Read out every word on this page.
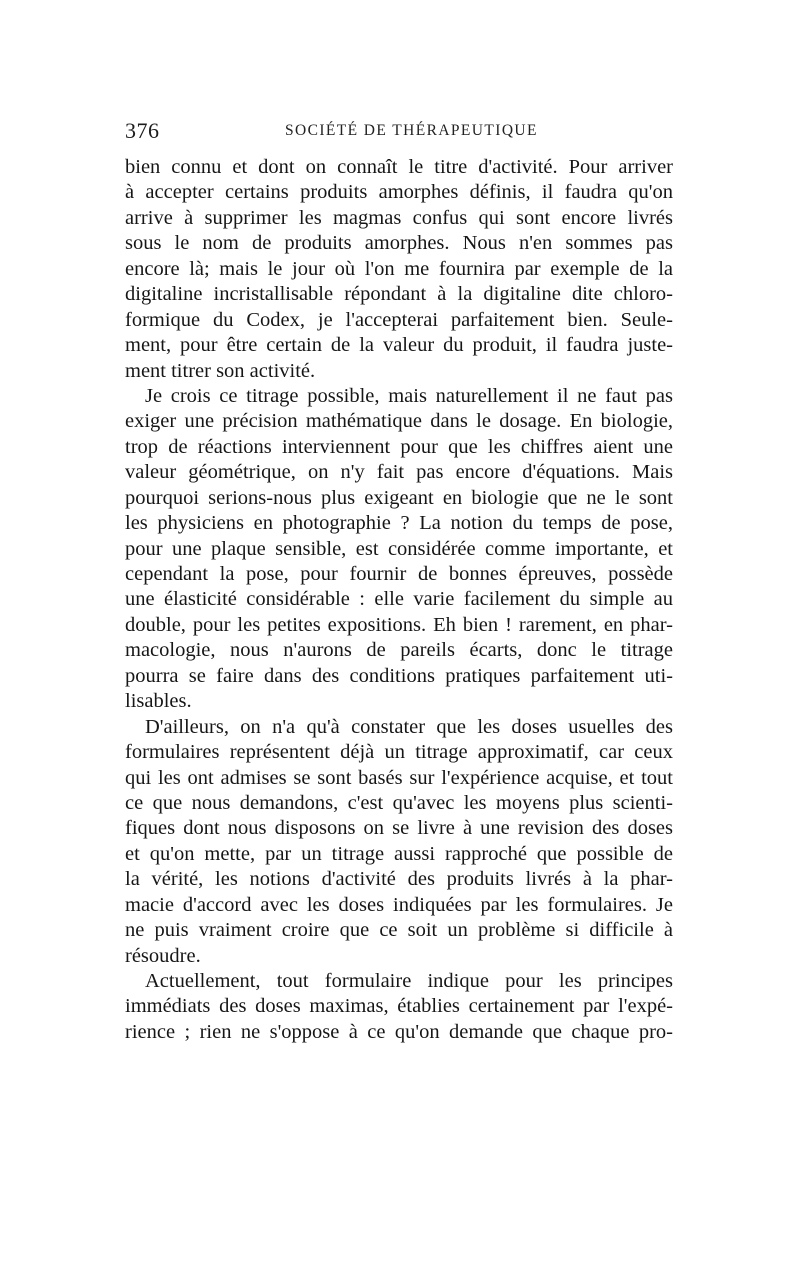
376	SOCIÉTÉ DE THÉRAPEUTIQUE
bien connu et dont on connaît le titre d'activité. Pour arriver
à accepter certains produits amorphes définis, il faudra qu'on
arrive à supprimer les magmas confus qui sont encore livrés
sous le nom de produits amorphes. Nous n'en sommes pas
encore là; mais le jour où l'on me fournira par exemple de la
digitaline incristallisable répondant à la digitaline dite chloro-
formique du Codex, je l'accepterai parfaitement bien. Seule-
ment, pour être certain de la valeur du produit, il faudra juste-
ment titrer son activité.
Je crois ce titrage possible, mais naturellement il ne faut pas
exiger une précision mathématique dans le dosage. En biologie,
trop de réactions interviennent pour que les chiffres aient une
valeur géométrique, on n'y fait pas encore d'équations. Mais
pourquoi serions-nous plus exigeant en biologie que ne le sont
les physiciens en photographie ? La notion du temps de pose,
pour une plaque sensible, est considérée comme importante, et
cependant la pose, pour fournir de bonnes épreuves, possède
une élasticité considérable : elle varie facilement du simple au
double, pour les petites expositions. Eh bien ! rarement, en phar-
macologie, nous n'aurons de pareils écarts, donc le titrage
pourra se faire dans des conditions pratiques parfaitement uti-
lisables.
D'ailleurs, on n'a qu'à constater que les doses usuelles des
formulaires représentent déjà un titrage approximatif, car ceux
qui les ont admises se sont basés sur l'expérience acquise, et tout
ce que nous demandons, c'est qu'avec les moyens plus scienti-
fiques dont nous disposons on se livre à une revision des doses
et qu'on mette, par un titrage aussi rapproché que possible de
la vérité, les notions d'activité des produits livrés à la phar-
macie d'accord avec les doses indiquées par les formulaires. Je
ne puis vraiment croire que ce soit un problème si difficile à
résoudre.
Actuellement, tout formulaire indique pour les principes
immédiats des doses maximas, établies certainement par l'expé-
rience ; rien ne s'oppose à ce qu'on demande que chaque pro-
